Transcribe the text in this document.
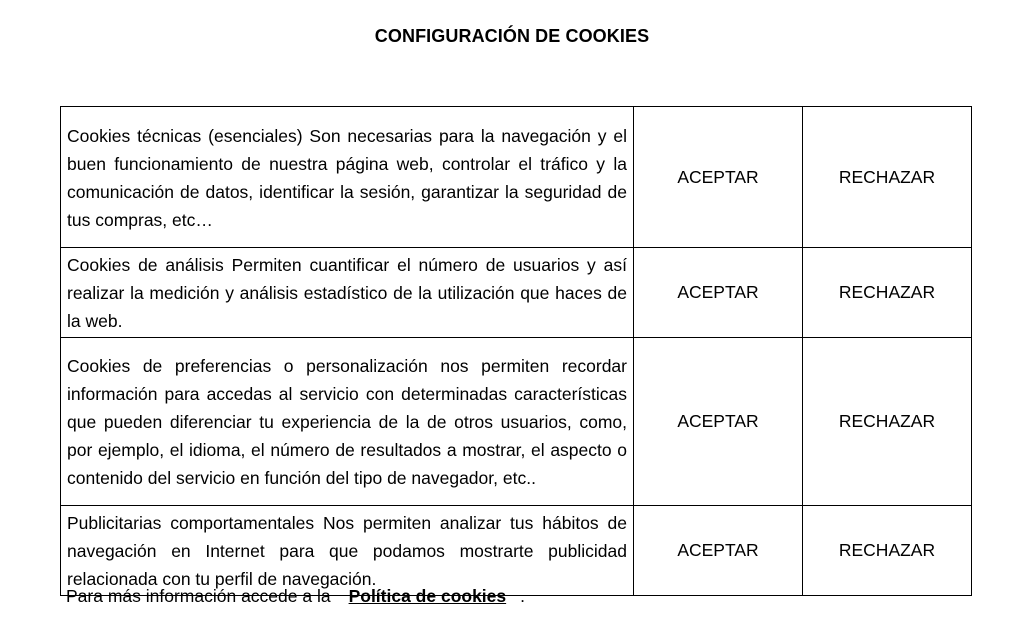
CONFIGURACIÓN DE COOKIES
Cookies técnicas (esenciales) Son necesarias para la navegación y el buen funcionamiento de nuestra página web, controlar el tráfico y la comunicación de datos, identificar la sesión, garantizar la seguridad de tus compras, etc…	ACEPTAR	RECHAZAR
Cookies de análisis Permiten cuantificar el número de usuarios y así realizar la medición y análisis estadístico de la utilización que haces de la web.	ACEPTAR	RECHAZAR
Cookies de preferencias o personalización nos permiten recordar información para accedas al servicio con determinadas características que pueden diferenciar tu experiencia de la de otros usuarios, como, por ejemplo, el idioma, el número de resultados a mostrar, el aspecto o contenido del servicio en función del tipo de navegador, etc..	ACEPTAR	RECHAZAR
Publicitarias comportamentales Nos permiten analizar tus hábitos de navegación en Internet para que podamos mostrarte publicidad relacionada con tu perfil de navegación.	ACEPTAR	RECHAZAR
Para más información accede a la Política de cookies .
